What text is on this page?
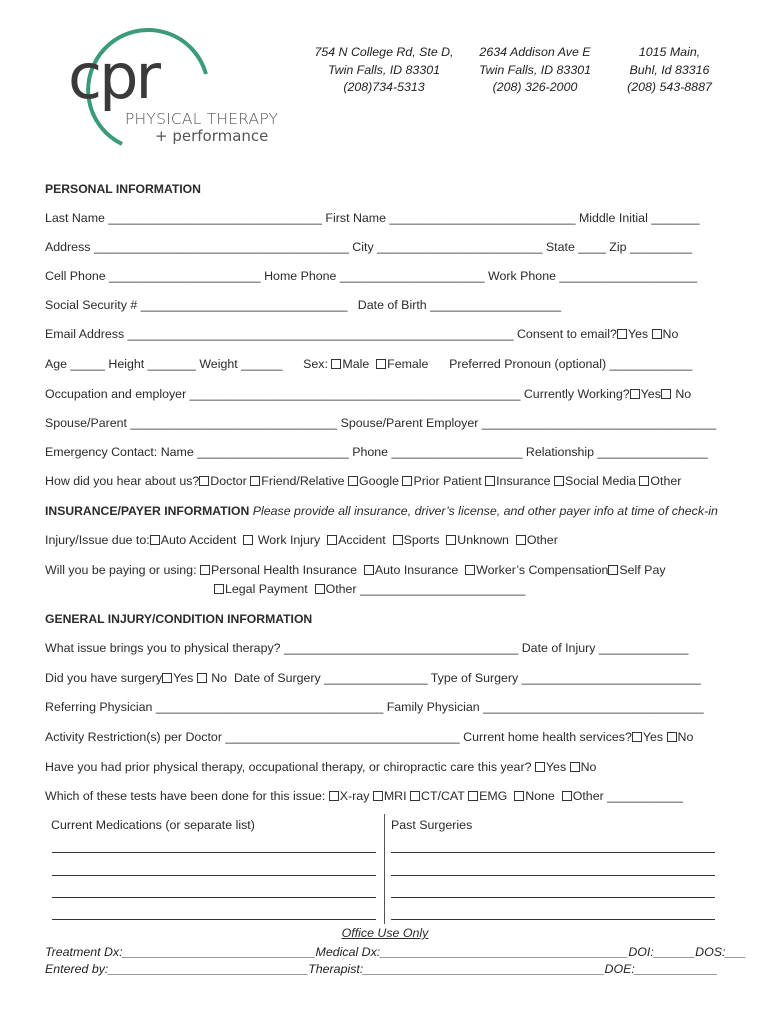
cpr
PHYSICAL THERAPY
+ performance
754 N College Rd, Ste D,
Twin Falls, ID 83301
(208)734-5313
2634 Addison Ave E
Twin Falls, ID 83301
(208) 326-2000
1015 Main,
Buhl, Id 83316
(208) 543-8887
PERSONAL INFORMATION
Last Name _______________________________ First Name ___________________________ Middle Initial _______
Address _____________________________________ City ________________________ State ____ Zip _________
Cell Phone ______________________ Home Phone _____________________ Work Phone ____________________
Social Security # ______________________________   Date of Birth ___________________
Email Address ________________________________________________________ Consent to email? Yes No
Age _____ Height _______ Weight ______ Sex: Male Female Preferred Pronoun (optional) ____________
Occupation and employer ________________________________________________ Currently Working? Yes No
Spouse/Parent ______________________________ Spouse/Parent Employer __________________________________
Emergency Contact: Name ______________________ Phone ___________________ Relationship ________________
How did you hear about us? Doctor Friend/Relative Google Prior Patient Insurance Social Media Other
INSURANCE/PAYER INFORMATION Please provide all insurance, driver’s license, and other payer info at time of check-in
Injury/Issue due to: Auto Accident Work Injury Accident Sports Unknown Other
Will you be paying or using: Personal Health Insurance Auto Insurance Worker’s Compensation Self Pay
Legal Payment Other ________________________
GENERAL INJURY/CONDITION INFORMATION
What issue brings you to physical therapy? __________________________________ Date of Injury _____________
Did you have surgery Yes No  Date of Surgery _______________ Type of Surgery __________________________
Referring Physician _________________________________ Family Physician ________________________________
Activity Restriction(s) per Doctor __________________________________ Current home health services? Yes No
Have you had prior physical therapy, occupational therapy, or chiropractic care this year? Yes No
Which of these tests have been done for this issue: X-ray MRI CT/CAT EMG None Other ___________
Current Medications (or separate list)	Past Surgeries
Office Use Only
Treatment Dx:____________________________Medical Dx:____________________________________DOI:______DOS:___
Entered by:_____________________________Therapist:___________________________________DOE:____________
